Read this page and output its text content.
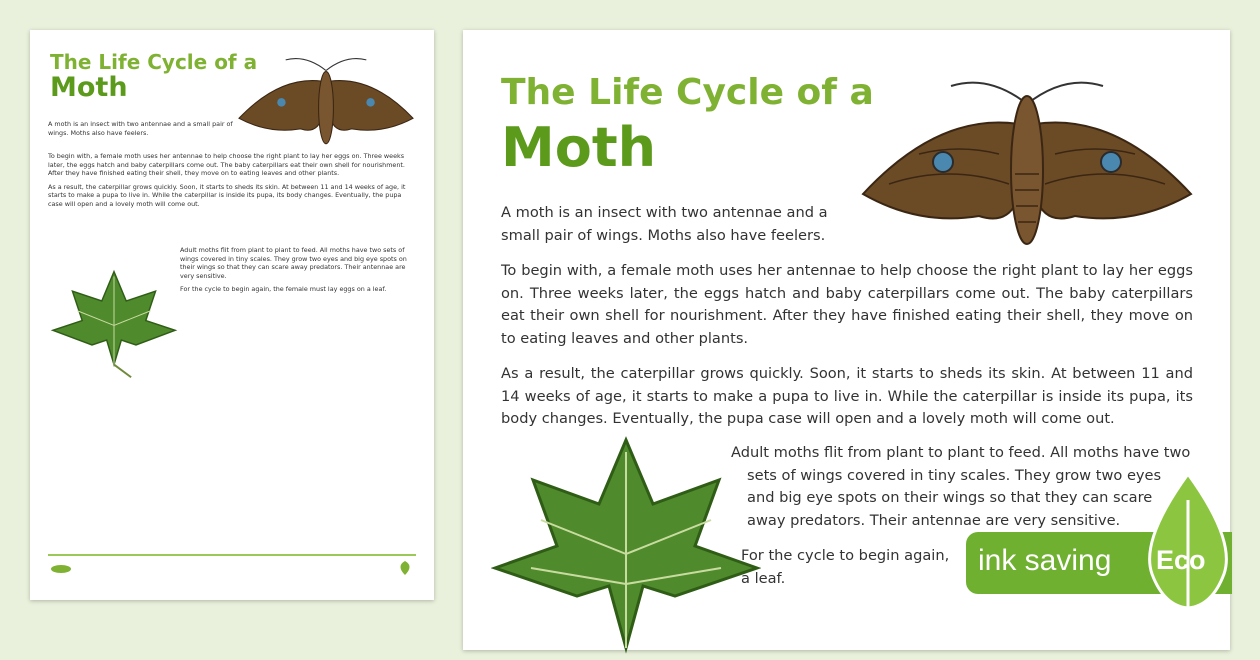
The Life Cycle of a
Moth

A moth is an insect with two antennae and a small pair of wings. Moths also have feelers.

To begin with, a female moth uses her antennae to help choose the right plant to lay her eggs on. Three weeks later, the eggs hatch and baby caterpillars come out. The baby caterpillars eat their own shell for nourishment. After they have finished eating their shell, they move on to eating leaves and other plants.

As a result, the caterpillar grows quickly. Soon, it starts to sheds its skin. At between 11 and 14 weeks of age, it starts to make a pupa to live in. While the caterpillar is inside its pupa, its body changes. Eventually, the pupa case will open and a lovely moth will come out.

Adult moths flit from plant to plant to feed. All moths have two sets of wings covered in tiny scales. They grow two eyes and big eye spots on their wings so that they can scare away predators. Their antennae are very sensitive.

For the cycle to begin again, the female must lay eggs on a leaf.

The Life Cycle of a
Moth
A moth is an insect with two antennae and a small pair of wings. Moths also have feelers.
To begin with, a female moth uses her antennae to help choose the right plant to lay her eggs on. Three weeks later, the eggs hatch and baby caterpillars come out. The baby caterpillars eat their own shell for nourishment. After they have finished eating their shell, they move on to eating leaves and other plants.
As a result, the caterpillar grows quickly. Soon, it starts to sheds its skin. At between 11 and 14 weeks of age, it starts to make a pupa to live in. While the caterpillar is inside its pupa, its body changes. Eventually, the pupa case will open and a lovely moth will come out.
Adult moths flit from plant to plant to feed. All moths have two
sets of wings covered in tiny scales. They grow two eyes and big eye spots on their wings so that they can scare away predators. Their antennae are very sensitive.
For the cycle to begin again,
a leaf.
ink saving Eco
